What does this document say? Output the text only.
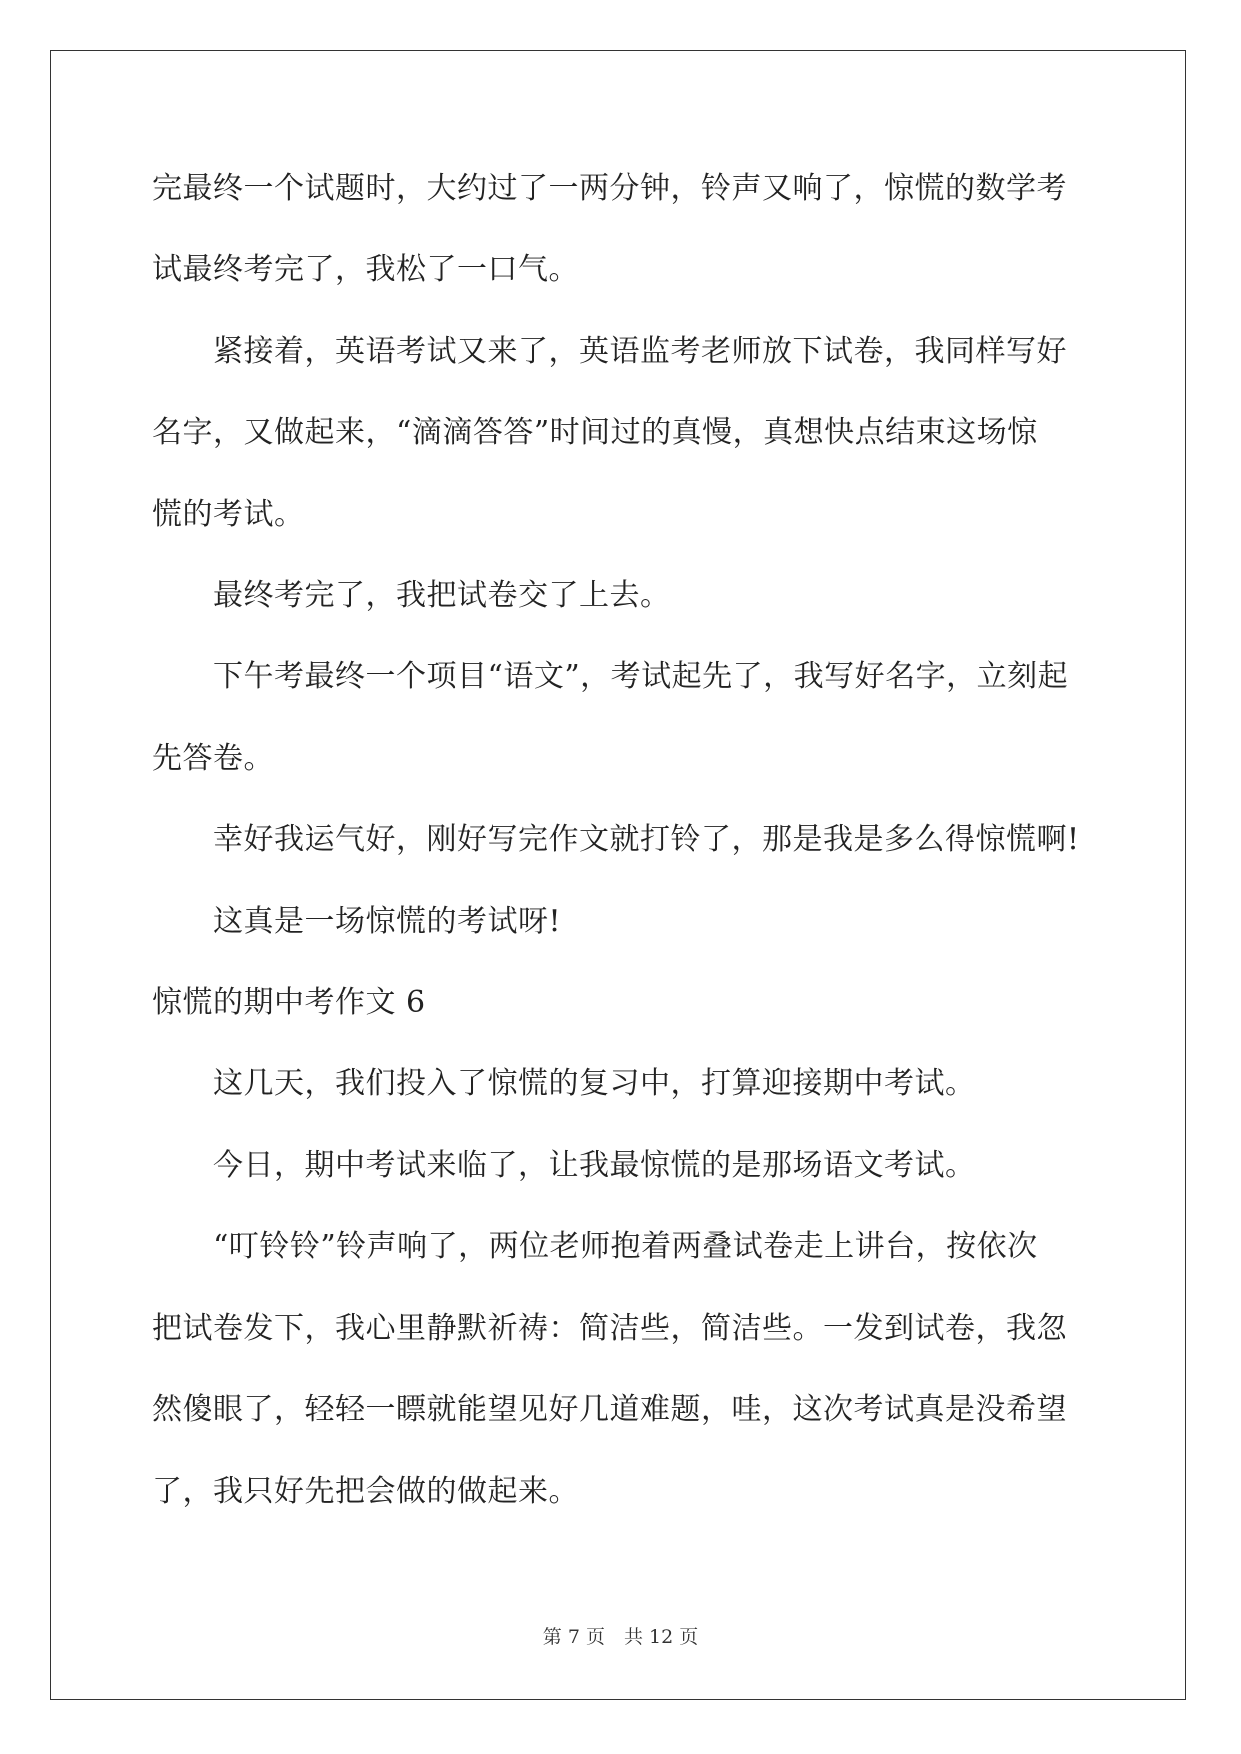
完最终一个试题时，大约过了一两分钟，铃声又响了，惊慌的数学考
试最终考完了，我松了一口气。
　　紧接着，英语考试又来了，英语监考老师放下试卷，我同样写好
名字，又做起来，“滴滴答答”时间过的真慢，真想快点结束这场惊
慌的考试。
　　最终考完了，我把试卷交了上去。
　　下午考最终一个项目“语文”，考试起先了，我写好名字，立刻起
先答卷。
　　幸好我运气好，刚好写完作文就打铃了，那是我是多么得惊慌啊!
　　这真是一场惊慌的考试呀!
惊慌的期中考作文 6
　　这几天，我们投入了惊慌的复习中，打算迎接期中考试。
　　今日，期中考试来临了，让我最惊慌的是那场语文考试。
　　“叮铃铃”铃声响了，两位老师抱着两叠试卷走上讲台，按依次
把试卷发下，我心里静默祈祷：简洁些，简洁些。一发到试卷，我忽
然傻眼了，轻轻一瞟就能望见好几道难题，哇，这次考试真是没希望
了，我只好先把会做的做起来。
第 7 页　共 12 页
